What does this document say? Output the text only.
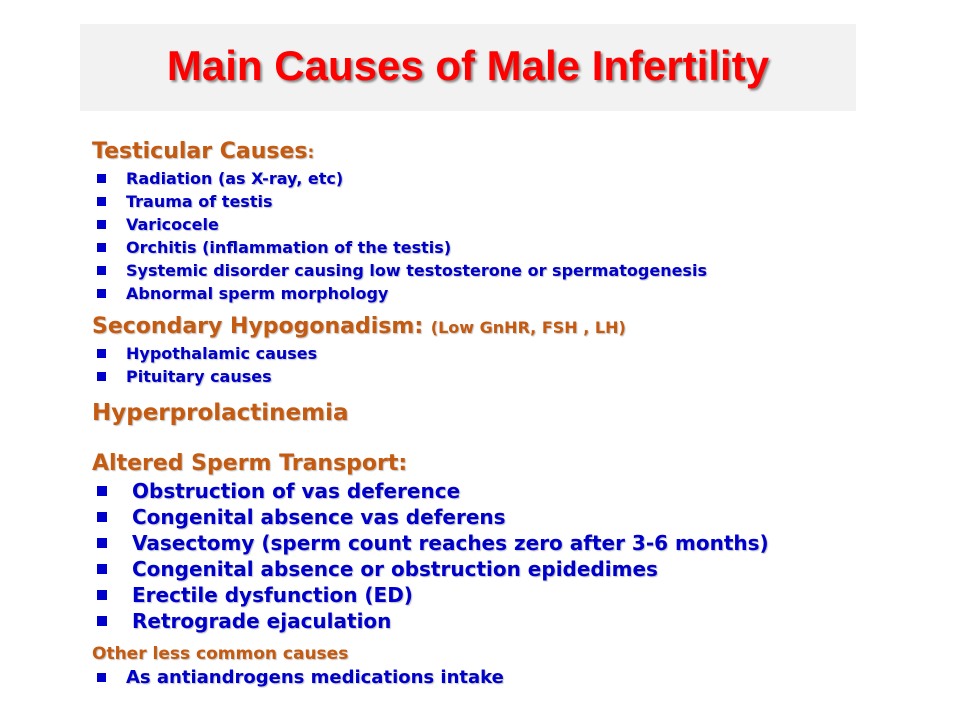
Main Causes of Male Infertility
Testicular Causes:
Radiation (as X-ray, etc)
Trauma of testis
Varicocele
Orchitis (inflammation of the testis)
Systemic disorder causing low testosterone or spermatogenesis
Abnormal sperm morphology
Secondary Hypogonadism: (Low GnHR, FSH , LH)
Hypothalamic causes
Pituitary causes
Hyperprolactinemia
Altered Sperm Transport:
Obstruction of vas deference
Congenital absence vas deferens
Vasectomy (sperm count reaches zero after 3-6 months)
Congenital absence or obstruction epidedimes
Erectile dysfunction (ED)
Retrograde ejaculation
Other less common causes
As antiandrogens medications intake
